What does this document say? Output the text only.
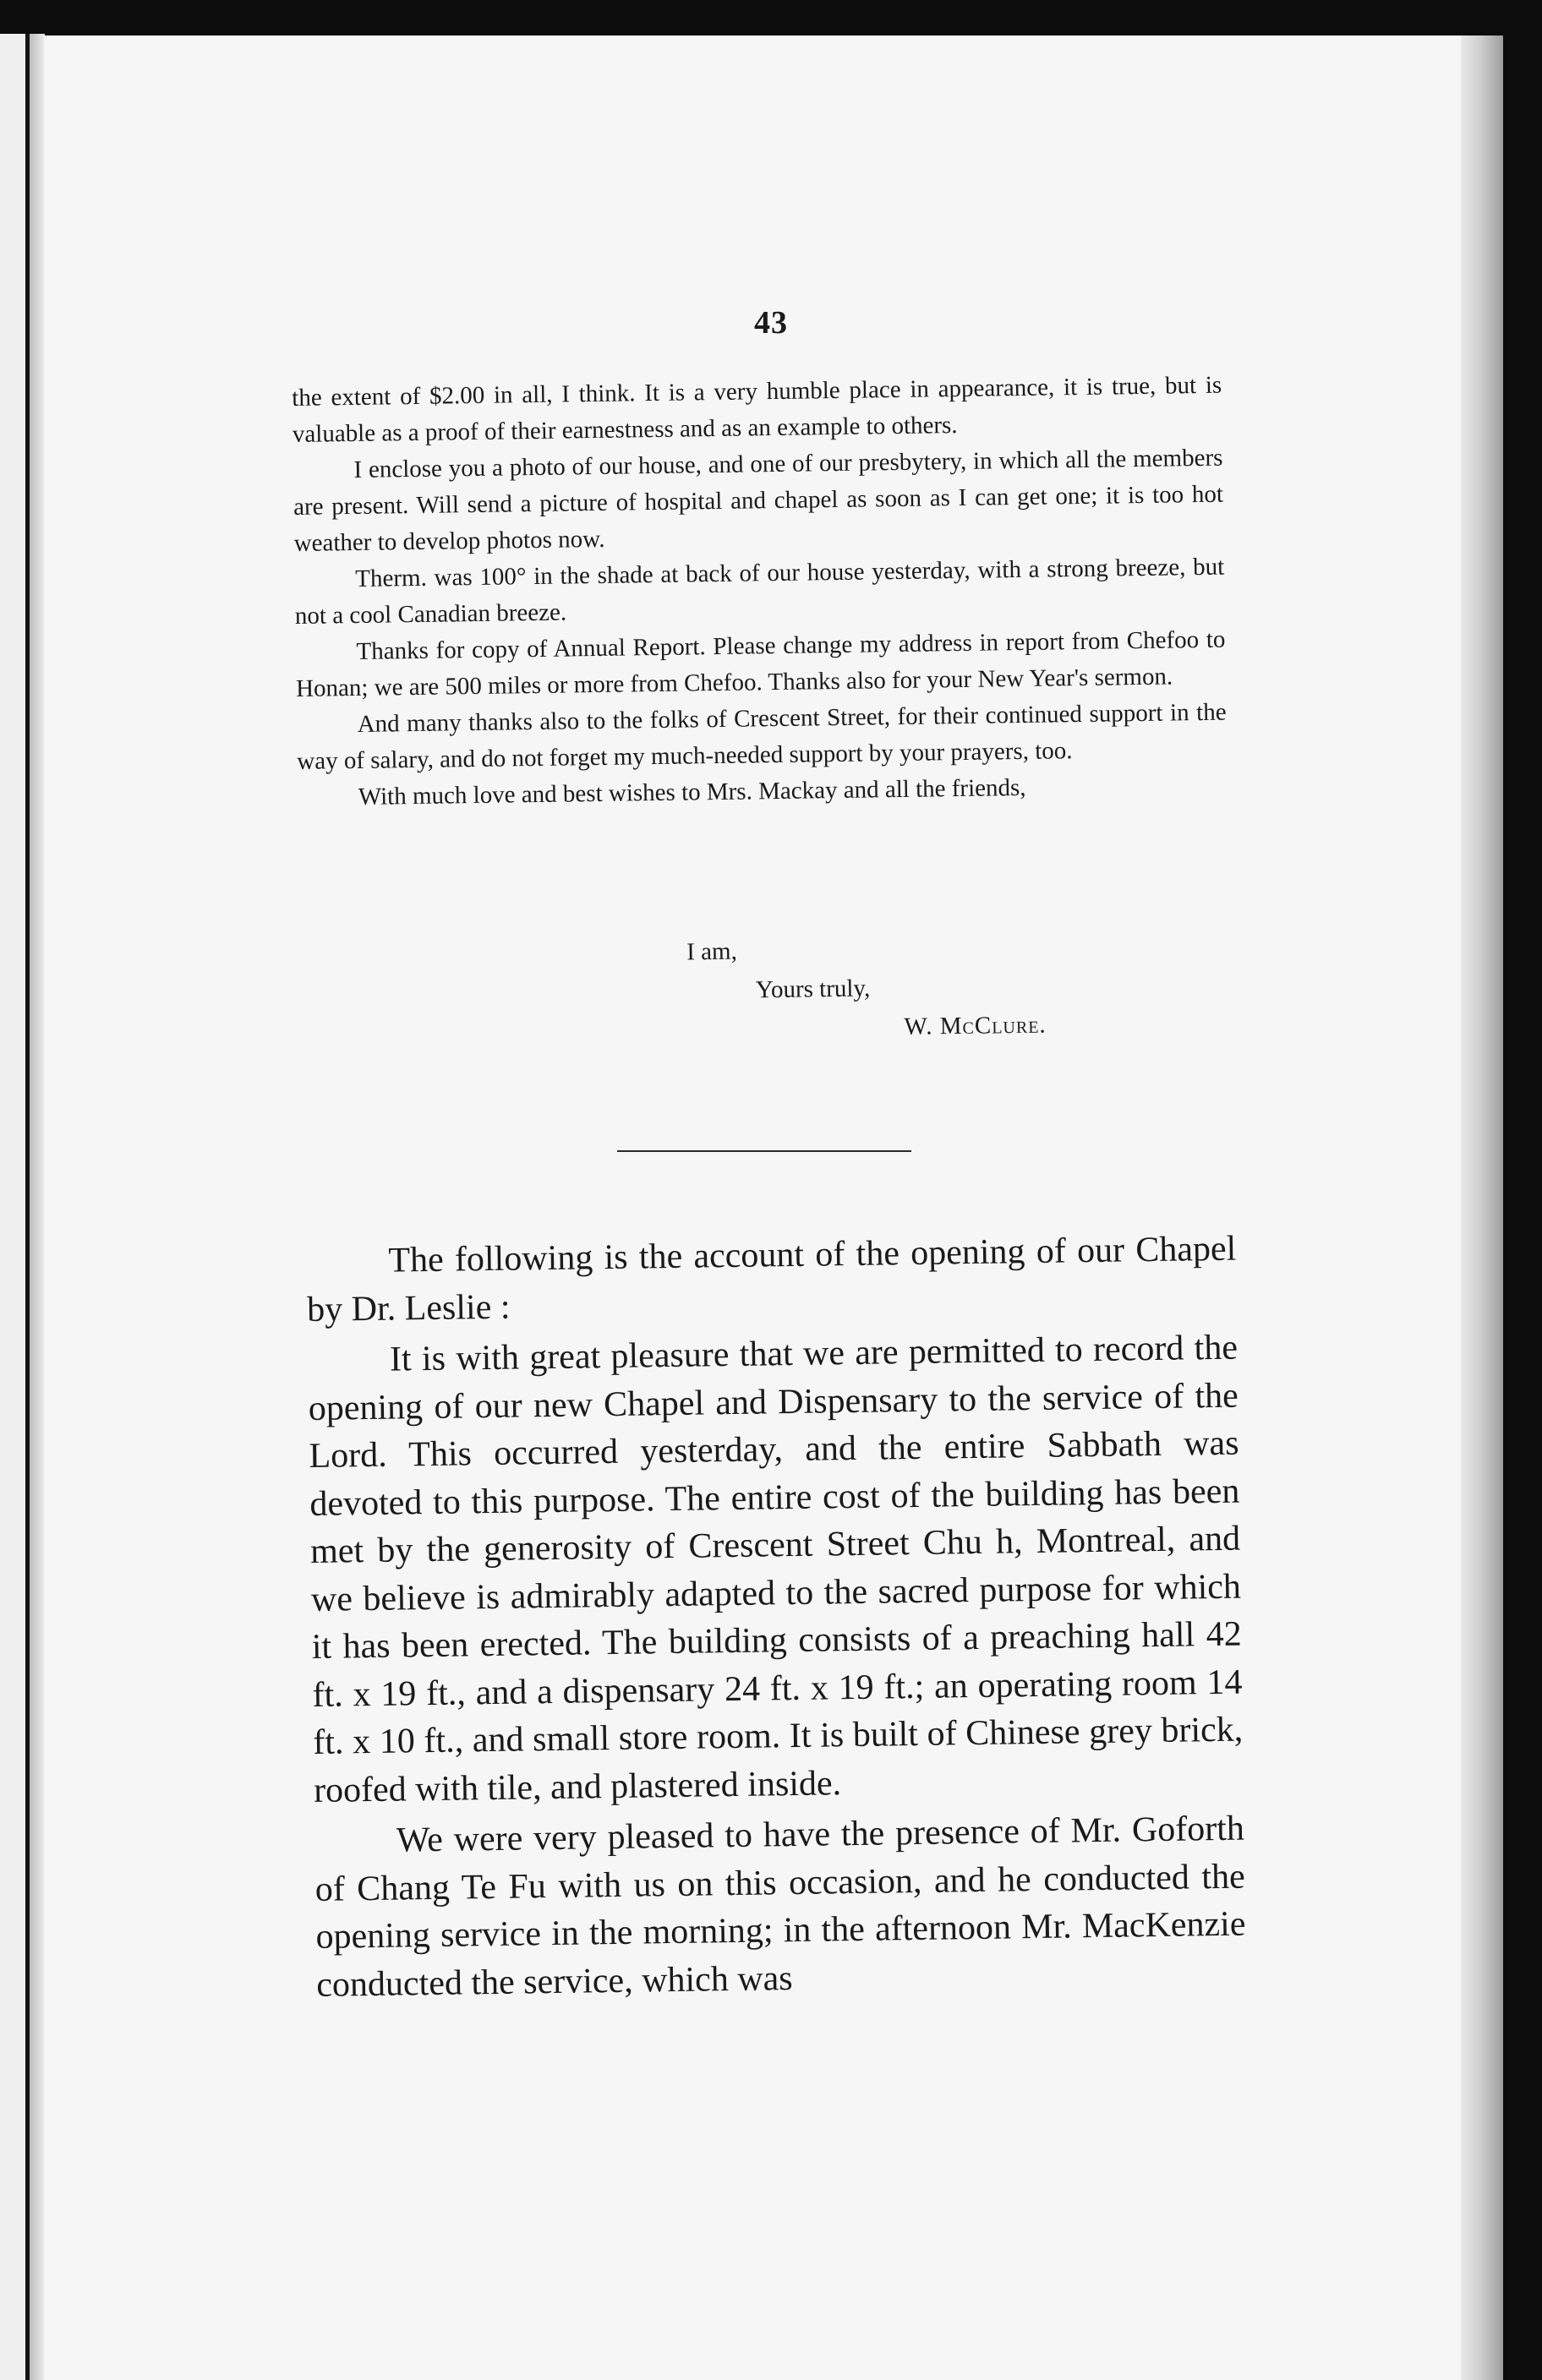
43

the extent of $2.00 in all, I think. It is a very humble place in appearance, it is true, but is valuable as a proof of their earnestness and as an example to others.

I enclose you a photo of our house, and one of our presbytery, in which all the members are present. Will send a picture of hospital and chapel as soon as I can get one; it is too hot weather to develop photos now.

Therm. was 100° in the shade at back of our house yesterday, with a strong breeze, but not a cool Canadian breeze.

Thanks for copy of Annual Report. Please change my address in report from Chefoo to Honan; we are 500 miles or more from Chefoo. Thanks also for your New Year's sermon.

And many thanks also to the folks of Crescent Street, for their continued support in the way of salary, and do not forget my much-needed support by your prayers, too.

With much love and best wishes to Mrs. Mackay and all the friends,

I am,
Yours truly,
W. McClure.

The following is the account of the opening of our Chapel by Dr. Leslie :

It is with great pleasure that we are permitted to record the opening of our new Chapel and Dispensary to the service of the Lord. This occurred yesterday, and the entire Sabbath was devoted to this purpose. The entire cost of the building has been met by the generosity of Crescent Street Chu h, Montreal, and we believe is admirably adapted to the sacred purpose for which it has been erected. The building consists of a preaching hall 42 ft. x 19 ft., and a dispensary 24 ft. x 19 ft.; an operating room 14 ft. x 10 ft., and small store room. It is built of Chinese grey brick, roofed with tile, and plastered inside.

We were very pleased to have the presence of Mr. Goforth of Chang Te Fu with us on this occasion, and he conducted the opening service in the morning; in the afternoon Mr. MacKenzie conducted the service, which was
